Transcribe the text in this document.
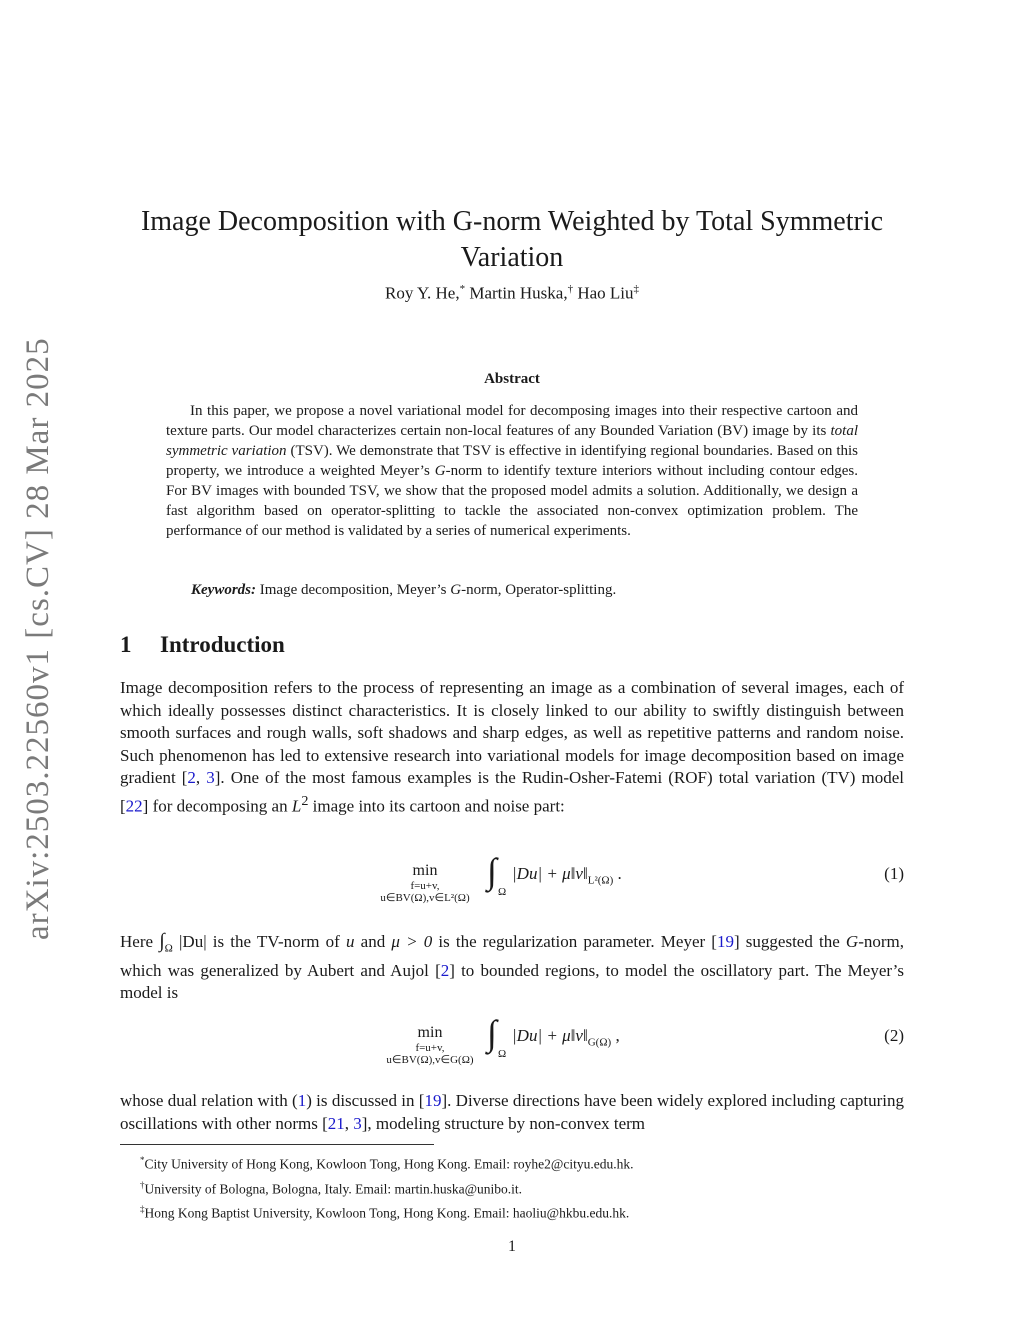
arXiv:2503.22560v1 [cs.CV] 28 Mar 2025
Image Decomposition with G-norm Weighted by Total Symmetric Variation
Roy Y. He,* Martin Huska,† Hao Liu‡
Abstract

In this paper, we propose a novel variational model for decomposing images into their respective cartoon and texture parts. Our model characterizes certain non-local features of any Bounded Variation (BV) image by its total symmetric variation (TSV). We demonstrate that TSV is effective in identifying regional boundaries. Based on this property, we introduce a weighted Meyer’s G-norm to identify texture interiors without including contour edges. For BV images with bounded TSV, we show that the proposed model admits a solution. Additionally, we design a fast algorithm based on operator-splitting to tackle the associated non-convex optimization problem. The performance of our method is validated by a series of numerical experiments.

Keywords: Image decomposition, Meyer’s G-norm, Operator-splitting.
1 Introduction

Image decomposition refers to the process of representing an image as a combination of several images, each of which ideally possesses distinct characteristics. It is closely linked to our ability to swiftly distinguish between smooth surfaces and rough walls, soft shadows and sharp edges, as well as repetitive patterns and random noise. Such phenomenon has led to extensive research into variational models for image decomposition based on image gradient [2, 3]. One of the most famous examples is the Rudin-Osher-Fatemi (ROF) total variation (TV) model [22] for decomposing an $L^2$ image into its cartoon and noise part:

min
f=u+v,
u∈BV(Ω),v∈L²(Ω)
∫
Ω
$|Du| + \mu‖v‖_{L^2(\Omega)}$ .	(1)

Here $\int_\Omega$ |Du| is the TV-norm of u and μ > 0 is the regularization parameter. Meyer [19] suggested the G-norm, which was generalized by Aubert and Aujol [2] to bounded regions, to model the oscillatory part. The Meyer’s model is

min
f=u+v,
u∈BV(Ω),v∈G(Ω)
∫
Ω
$|Du| + \mu‖v‖_{G(\Omega)}$ ,	(2)

whose dual relation with (1) is discussed in [19]. Diverse directions have been widely explored including capturing oscillations with other norms [21, 3], modeling structure by non-convex term

*City University of Hong Kong, Kowloon Tong, Hong Kong. Email: royhe2@cityu.edu.hk.
†University of Bologna, Bologna, Italy. Email: martin.huska@unibo.it.
‡Hong Kong Baptist University, Kowloon Tong, Hong Kong. Email: haoliu@hkbu.edu.hk.
1
